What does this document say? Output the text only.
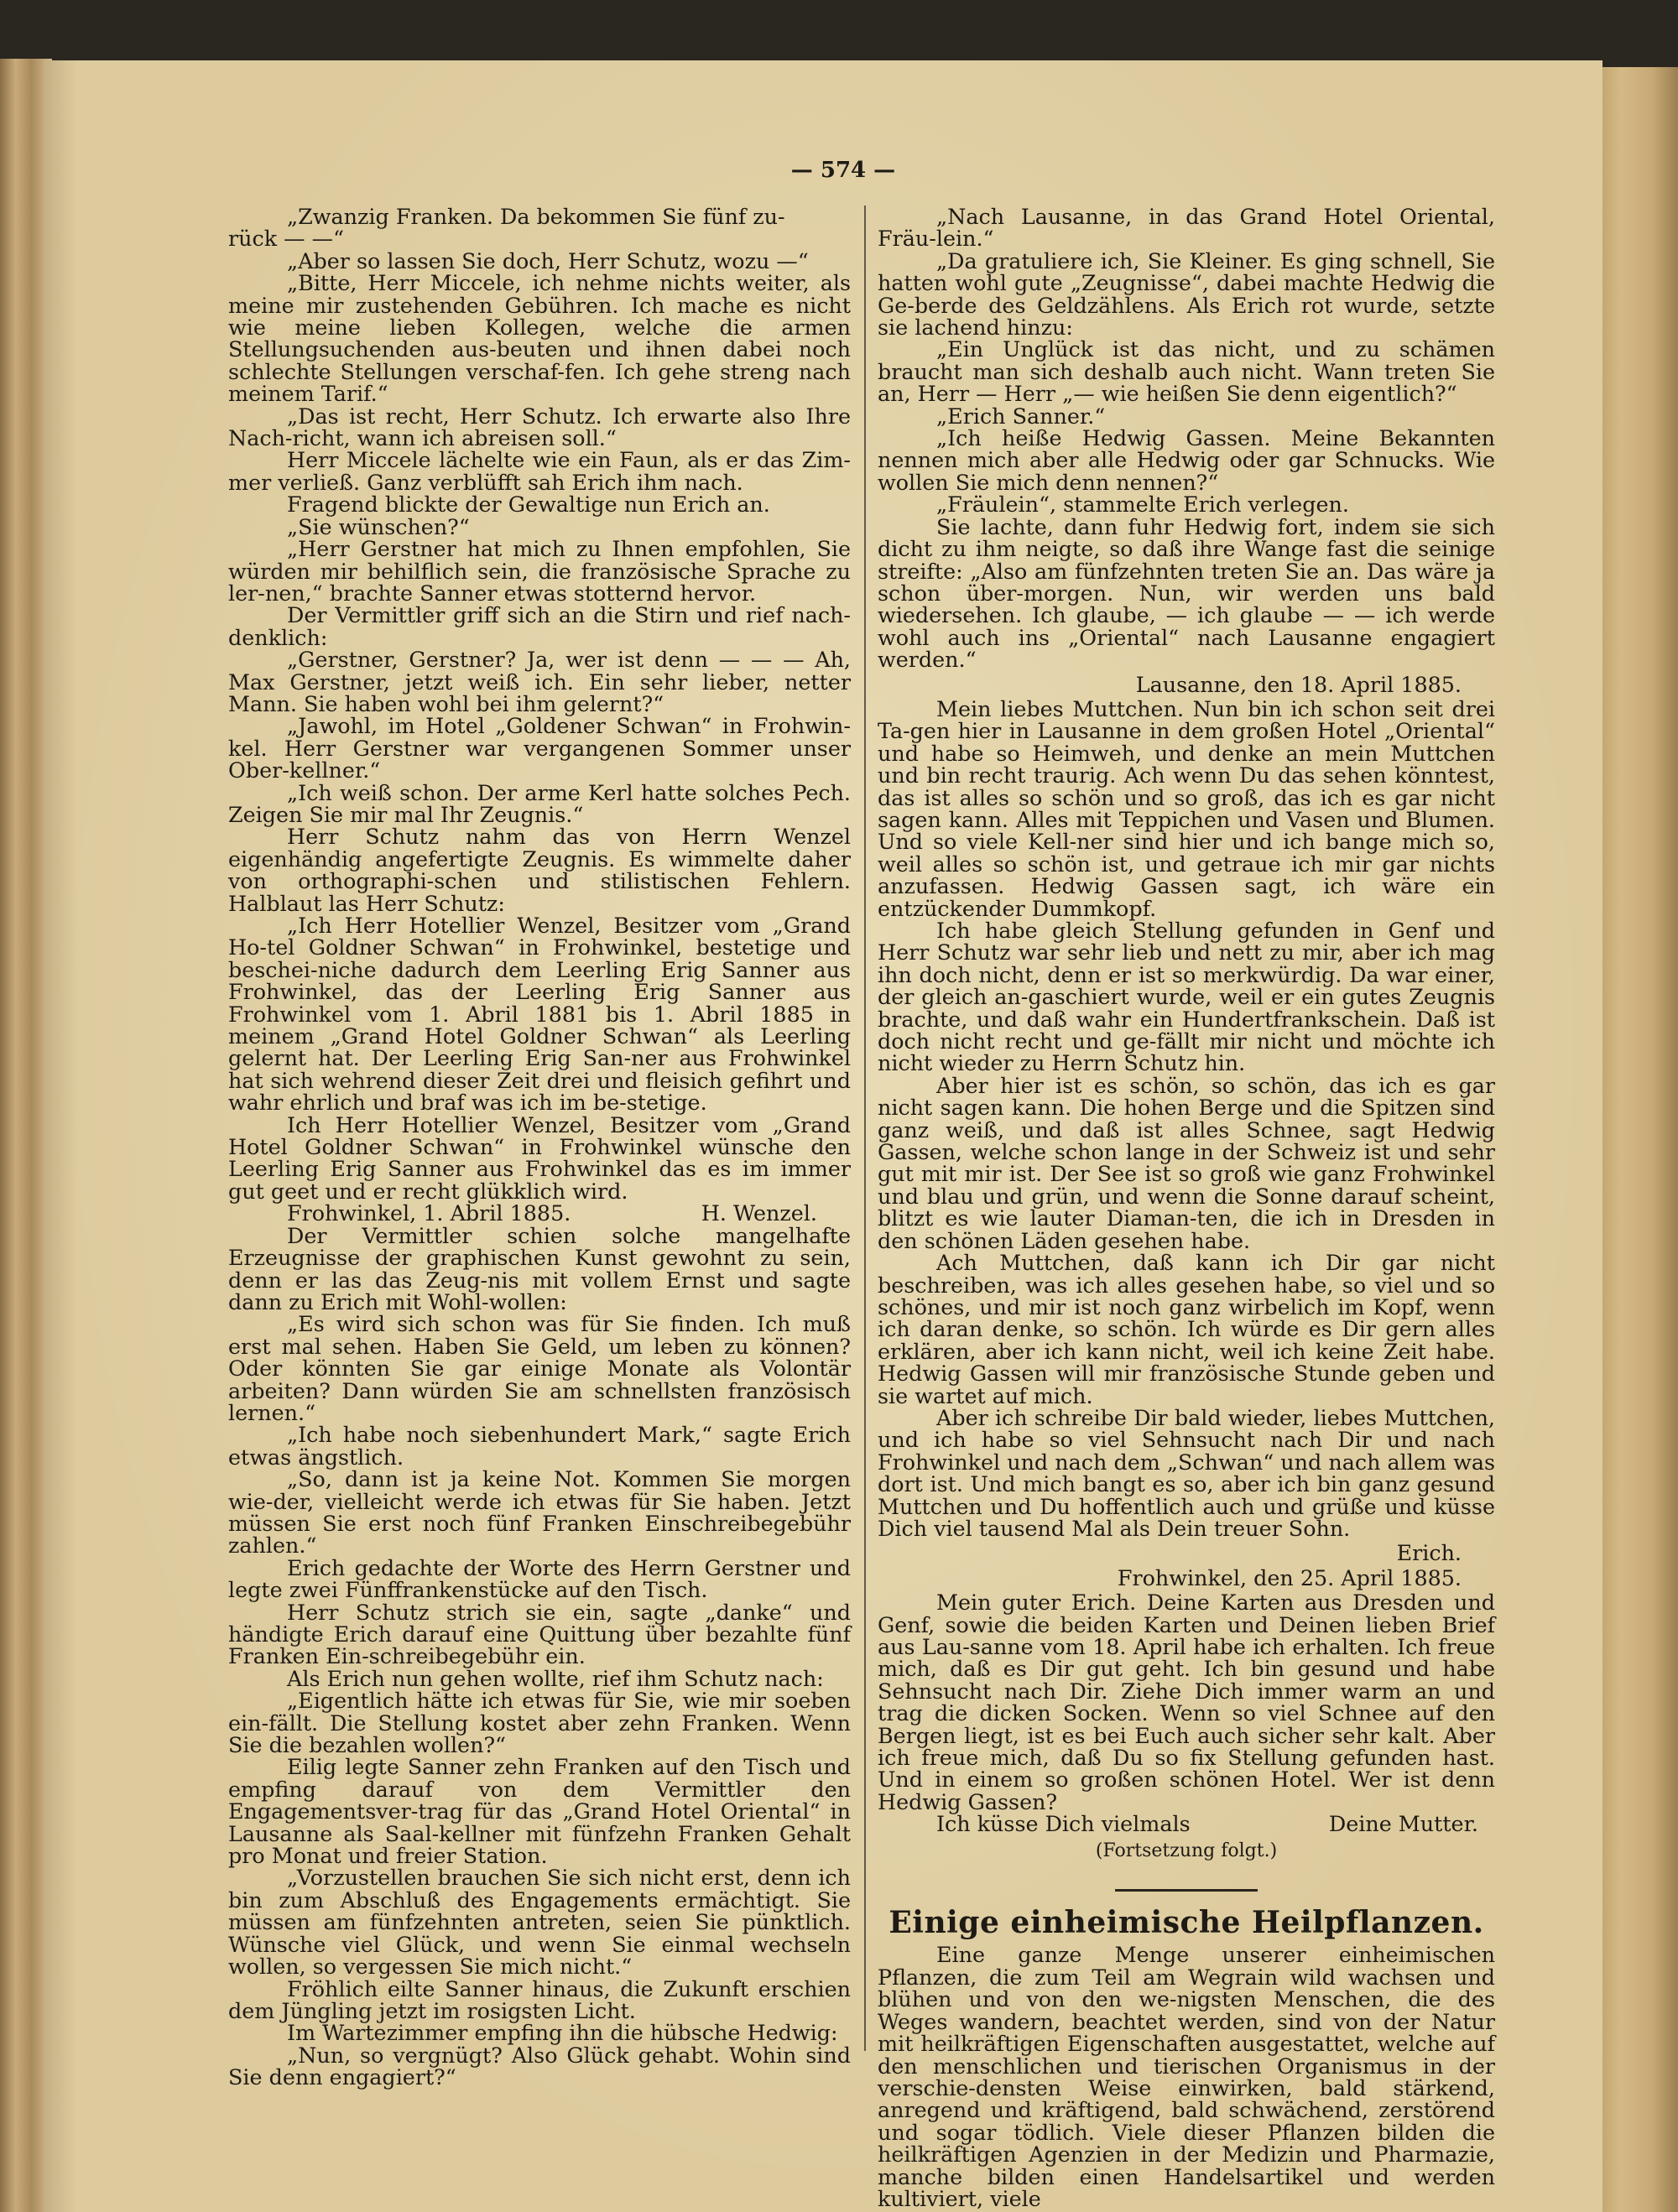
— 574 —

„Zwanzig Franken. Da bekommen Sie fünf zu-
rück — —“

„Aber so lassen Sie doch, Herr Schutz, wozu —“

„Bitte, Herr Miccele, ich nehme nichts weiter, als meine mir zustehenden Gebühren. Ich mache es nicht wie meine lieben Kollegen, welche die armen Stellungsuchenden aus-beuten und ihnen dabei noch schlechte Stellungen verschaf-fen. Ich gehe streng nach meinem Tarif.“

„Das ist recht, Herr Schutz. Ich erwarte also Ihre Nach-richt, wann ich abreisen soll.“

Herr Miccele lächelte wie ein Faun, als er das Zim-mer verließ. Ganz verblüfft sah Erich ihm nach.

Fragend blickte der Gewaltige nun Erich an.

„Sie wünschen?“

„Herr Gerstner hat mich zu Ihnen empfohlen, Sie würden mir behilflich sein, die französische Sprache zu ler-nen,“ brachte Sanner etwas stotternd hervor.

Der Vermittler griff sich an die Stirn und rief nach-denklich:

„Gerstner, Gerstner? Ja, wer ist denn — — — Ah, Max Gerstner, jetzt weiß ich. Ein sehr lieber, netter Mann. Sie haben wohl bei ihm gelernt?“

„Jawohl, im Hotel „Goldener Schwan“ in Frohwin-kel. Herr Gerstner war vergangenen Sommer unser Ober-kellner.“

„Ich weiß schon. Der arme Kerl hatte solches Pech. Zeigen Sie mir mal Ihr Zeugnis.“

Herr Schutz nahm das von Herrn Wenzel eigenhändig angefertigte Zeugnis. Es wimmelte daher von orthographi-schen und stilistischen Fehlern. Halblaut las Herr Schutz:

„Ich Herr Hotellier Wenzel, Besitzer vom „Grand Ho-tel Goldner Schwan“ in Frohwinkel, bestetige und beschei-niche dadurch dem Leerling Erig Sanner aus Frohwinkel, das der Leerling Erig Sanner aus Frohwinkel vom 1. Abril 1881 bis 1. Abril 1885 in meinem „Grand Hotel Goldner Schwan“ als Leerling gelernt hat. Der Leerling Erig San-ner aus Frohwinkel hat sich wehrend dieser Zeit drei und fleisich gefihrt und wahr ehrlich und braf was ich im be-stetige.

Ich Herr Hotellier Wenzel, Besitzer vom „Grand Hotel Goldner Schwan“ in Frohwinkel wünsche den Leerling Erig Sanner aus Frohwinkel das es im immer gut geet und er recht glükklich wird.

Frohwinkel, 1. Abril 1885.	H. Wenzel.

Der Vermittler schien solche mangelhafte Erzeugnisse der graphischen Kunst gewohnt zu sein, denn er las das Zeug-nis mit vollem Ernst und sagte dann zu Erich mit Wohl-wollen:

„Es wird sich schon was für Sie finden. Ich muß erst mal sehen. Haben Sie Geld, um leben zu können? Oder könnten Sie gar einige Monate als Volontär arbeiten? Dann würden Sie am schnellsten französisch lernen.“

„Ich habe noch siebenhundert Mark,“ sagte Erich etwas ängstlich.

„So, dann ist ja keine Not. Kommen Sie morgen wie-der, vielleicht werde ich etwas für Sie haben. Jetzt müssen Sie erst noch fünf Franken Einschreibegebühr zahlen.“

Erich gedachte der Worte des Herrn Gerstner und legte zwei Fünffrankenstücke auf den Tisch.

Herr Schutz strich sie ein, sagte „danke“ und händigte Erich darauf eine Quittung über bezahlte fünf Franken Ein-schreibegebühr ein.

Als Erich nun gehen wollte, rief ihm Schutz nach:

„Eigentlich hätte ich etwas für Sie, wie mir soeben ein-fällt. Die Stellung kostet aber zehn Franken. Wenn Sie die bezahlen wollen?“

Eilig legte Sanner zehn Franken auf den Tisch und empfing darauf von dem Vermittler den Engagementsver-trag für das „Grand Hotel Oriental“ in Lausanne als Saal-kellner mit fünfzehn Franken Gehalt pro Monat und freier Station.

„Vorzustellen brauchen Sie sich nicht erst, denn ich bin zum Abschluß des Engagements ermächtigt. Sie müssen am fünfzehnten antreten, seien Sie pünktlich. Wünsche viel Glück, und wenn Sie einmal wechseln wollen, so vergessen Sie mich nicht.“

Fröhlich eilte Sanner hinaus, die Zukunft erschien dem Jüngling jetzt im rosigsten Licht.

Im Wartezimmer empfing ihn die hübsche Hedwig:

„Nun, so vergnügt? Also Glück gehabt. Wohin sind Sie denn engagiert?“

„Nach Lausanne, in das Grand Hotel Oriental, Fräu-lein.“

„Da gratuliere ich, Sie Kleiner. Es ging schnell, Sie hatten wohl gute „Zeugnisse“, dabei machte Hedwig die Ge-berde des Geldzählens. Als Erich rot wurde, setzte sie lachend hinzu:

„Ein Unglück ist das nicht, und zu schämen braucht man sich deshalb auch nicht. Wann treten Sie an, Herr — Herr „— wie heißen Sie denn eigentlich?“

„Erich Sanner.“

„Ich heiße Hedwig Gassen. Meine Bekannten nennen mich aber alle Hedwig oder gar Schnucks. Wie wollen Sie mich denn nennen?“

„Fräulein“, stammelte Erich verlegen.

Sie lachte, dann fuhr Hedwig fort, indem sie sich dicht zu ihm neigte, so daß ihre Wange fast die seinige streifte: „Also am fünfzehnten treten Sie an. Das wäre ja schon über-morgen. Nun, wir werden uns bald wiedersehen. Ich glaube, — ich glaube — — ich werde wohl auch ins „Oriental“ nach Lausanne engagiert werden.“

Lausanne, den 18. April 1885.

Mein liebes Muttchen. Nun bin ich schon seit drei Ta-gen hier in Lausanne in dem großen Hotel „Oriental“ und habe so Heimweh, und denke an mein Muttchen und bin recht traurig. Ach wenn Du das sehen könntest, das ist alles so schön und so groß, das ich es gar nicht sagen kann. Alles mit Teppichen und Vasen und Blumen. Und so viele Kell-ner sind hier und ich bange mich so, weil alles so schön ist, und getraue ich mir gar nichts anzufassen. Hedwig Gassen sagt, ich wäre ein entzückender Dummkopf.

Ich habe gleich Stellung gefunden in Genf und Herr Schutz war sehr lieb und nett zu mir, aber ich mag ihn doch nicht, denn er ist so merkwürdig. Da war einer, der gleich an-gaschiert wurde, weil er ein gutes Zeugnis brachte, und daß wahr ein Hundertfrankschein. Daß ist doch nicht recht und ge-fällt mir nicht und möchte ich nicht wieder zu Herrn Schutz hin.

Aber hier ist es schön, so schön, das ich es gar nicht sagen kann. Die hohen Berge und die Spitzen sind ganz weiß, und daß ist alles Schnee, sagt Hedwig Gassen, welche schon lange in der Schweiz ist und sehr gut mit mir ist. Der See ist so groß wie ganz Frohwinkel und blau und grün, und wenn die Sonne darauf scheint, blitzt es wie lauter Diaman-ten, die ich in Dresden in den schönen Läden gesehen habe.

Ach Muttchen, daß kann ich Dir gar nicht beschreiben, was ich alles gesehen habe, so viel und so schönes, und mir ist noch ganz wirbelich im Kopf, wenn ich daran denke, so schön. Ich würde es Dir gern alles erklären, aber ich kann nicht, weil ich keine Zeit habe. Hedwig Gassen will mir französische Stunde geben und sie wartet auf mich.

Aber ich schreibe Dir bald wieder, liebes Muttchen, und ich habe so viel Sehnsucht nach Dir und nach Frohwinkel und nach dem „Schwan“ und nach allem was dort ist. Und mich bangt es so, aber ich bin ganz gesund Muttchen und Du hoffentlich auch und grüße und küsse Dich viel tausend Mal als Dein treuer Sohn.

Erich.
Frohwinkel, den 25. April 1885.

Mein guter Erich. Deine Karten aus Dresden und Genf, sowie die beiden Karten und Deinen lieben Brief aus Lau-sanne vom 18. April habe ich erhalten. Ich freue mich, daß es Dir gut geht. Ich bin gesund und habe Sehnsucht nach Dir. Ziehe Dich immer warm an und trag die dicken Socken. Wenn so viel Schnee auf den Bergen liegt, ist es bei Euch auch sicher sehr kalt. Aber ich freue mich, daß Du so fix Stellung gefunden hast. Und in einem so großen schönen Hotel. Wer ist denn Hedwig Gassen?

Ich küsse Dich vielmals	Deine Mutter.
(Fortsetzung folgt.)
Einige einheimische Heilpflanzen.

Eine ganze Menge unserer einheimischen Pflanzen, die zum Teil am Wegrain wild wachsen und blühen und von den we-nigsten Menschen, die des Weges wandern, beachtet werden, sind von der Natur mit heilkräftigen Eigenschaften ausgestattet, welche auf den menschlichen und tierischen Organismus in der verschie-densten Weise einwirken, bald stärkend, anregend und kräftigend, bald schwächend, zerstörend und sogar tödlich. Viele dieser Pflanzen bilden die heilkräftigen Agenzien in der Medizin und Pharmazie, manche bilden einen Handelsartikel und werden kultiviert, viele
